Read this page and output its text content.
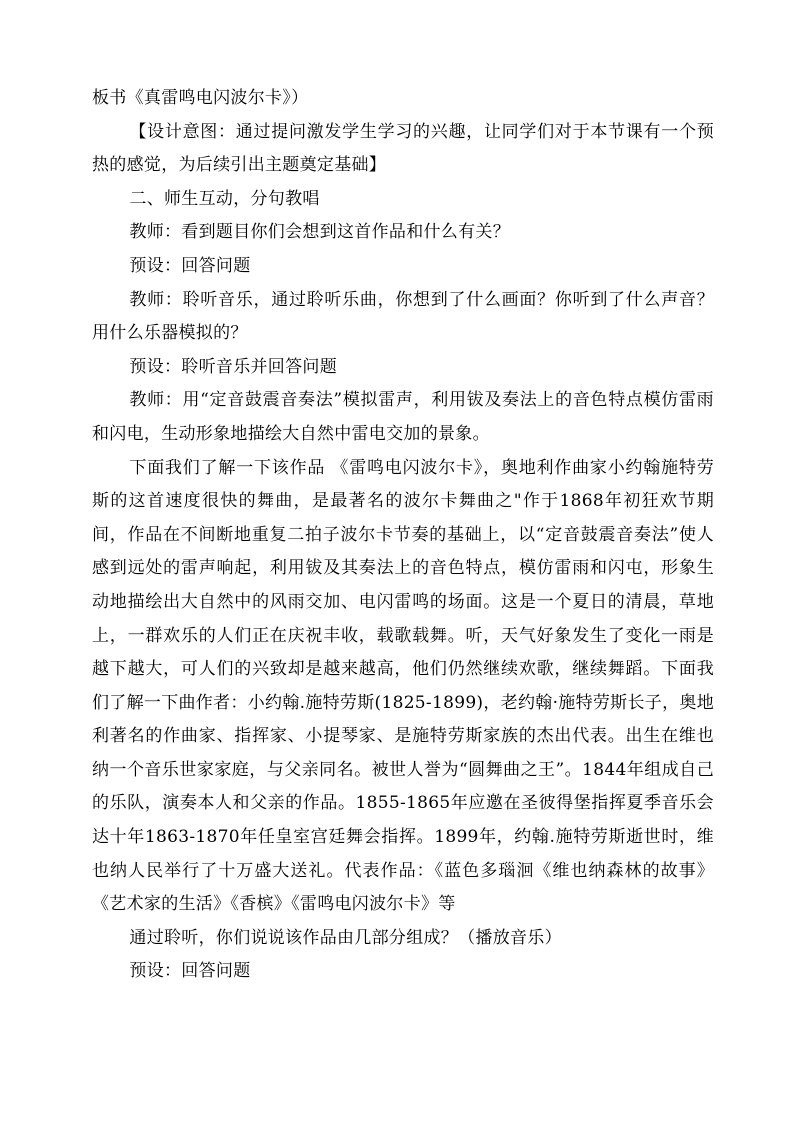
板书《真雷鸣电闪波尔卡》）

【设计意图：通过提问激发学生学习的兴趣，让同学们对于本节课有一个预热的感觉，为后续引出主题奠定基础】

二、师生互动，分句教唱

教师：看到题目你们会想到这首作品和什么有关？

预设：回答问题

教师：聆听音乐，通过聆听乐曲，你想到了什么画面？你听到了什么声音？用什么乐器模拟的？

预设：聆听音乐并回答问题

教师：用“定音鼓震音奏法”模拟雷声，利用钹及奏法上的音色特点模仿雷雨和闪电，生动形象地描绘大自然中雷电交加的景象。

下面我们了解一下该作品 《雷鸣电闪波尔卡》，奥地利作曲家小约翰施特劳斯的这首速度很快的舞曲，是最著名的波尔卡舞曲之"作于1868年初狂欢节期间，作品在不间断地重复二拍子波尔卡节奏的基础上，以“定音鼓震音奏法”使人感到远处的雷声响起，利用钹及其奏法上的音色特点，模仿雷雨和闪屯，形象生动地描绘出大自然中的风雨交加、电闪雷鸣的场面。这是一个夏日的清晨，草地上，一群欢乐的人们正在庆祝丰收，载歌载舞。听，天气好象发生了变化一雨是越下越大，可人们的兴致却是越来越高，他们仍然继续欢歌，继续舞蹈。下面我们了解一下曲作者：小约翰.施特劳斯(1825-1899)，老约翰·施特劳斯长子，奥地利著名的作曲家、指挥家、小提琴家、是施特劳斯家族的杰出代表。出生在维也纳一个音乐世家家庭，与父亲同名。被世人誉为“圆舞曲之王”。1844年组成自己的乐队，演奏本人和父亲的作品。1855-1865年应邀在圣彼得堡指挥夏季音乐会达十年1863-1870年任皇室宫廷舞会指挥。1899年，约翰.施特劳斯逝世时，维也纳人民举行了十万盛大送礼。代表作品：《蓝色多瑙洄《维也纳森林的故事》《艺术家的生活》《香槟》《雷鸣电闪波尔卡》等

通过聆听，你们说说该作品由几部分组成？（播放音乐）

预设：回答问题
